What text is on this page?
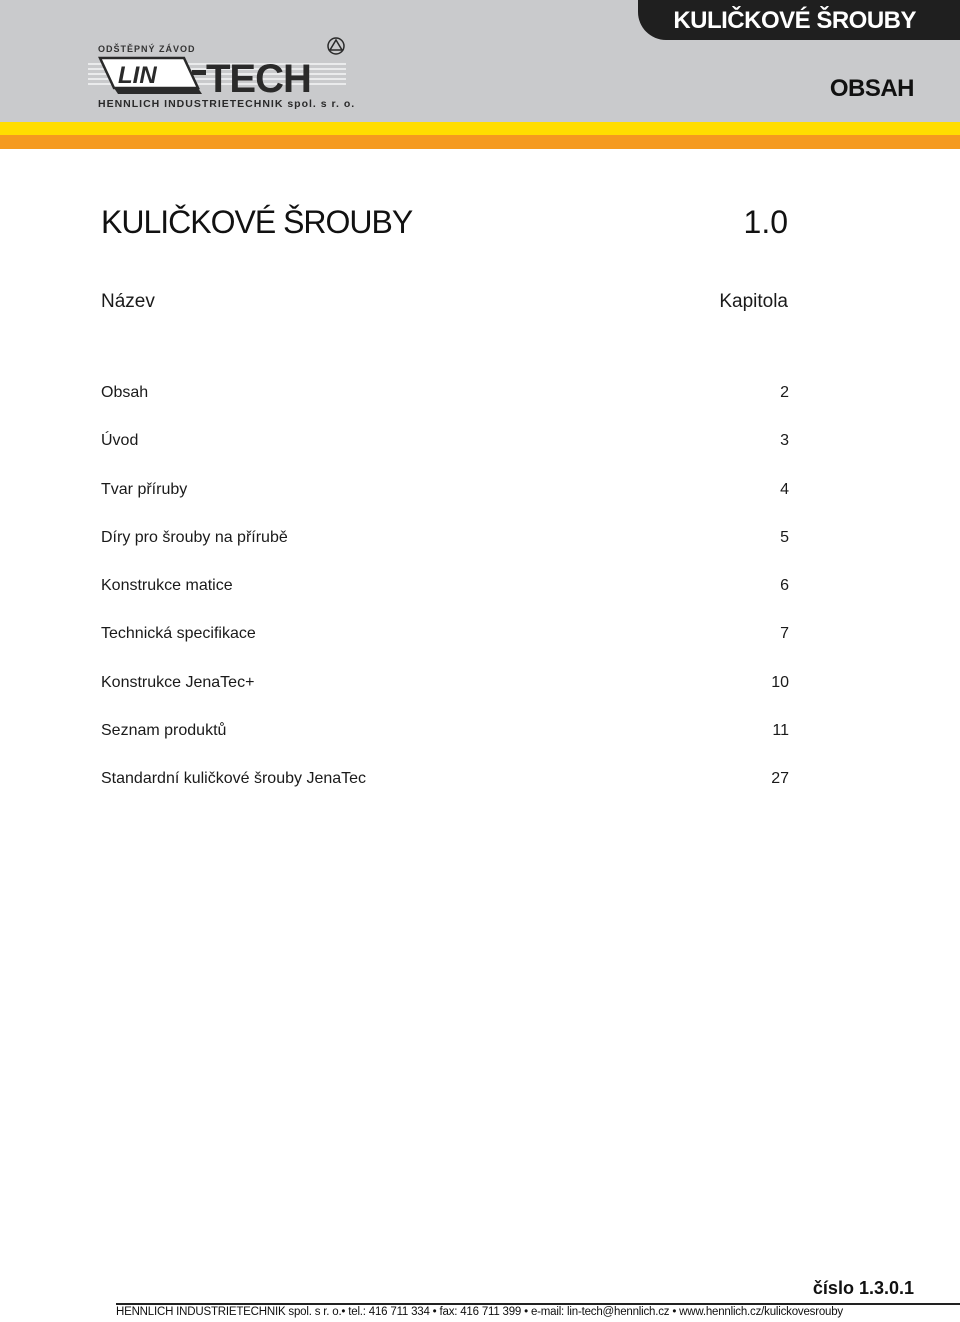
KULIČKOVÉ ŠROUBY
ODŠTĚPNÝ ZÁVOD
LIN TECH
HENNLICH INDUSTRIETECHNIK spol. s r. o.
OBSAH
KULIČKOVÉ ŠROUBY	1.0
Název	Kapitola
Obsah	2
Úvod	3
Tvar příruby	4
Díry pro šrouby na přírubě	5
Konstrukce matice	6
Technická specifikace	7
Konstrukce JenaTec+	10
Seznam produktů	11
Standardní kuličkové šrouby JenaTec	27
číslo 1.3.0.1
HENNLICH INDUSTRIETECHNIK spol. s r. o.• tel.: 416 711 334 • fax: 416 711 399 • e-mail: lin-tech@hennlich.cz • www.hennlich.cz/kulickovesrouby
